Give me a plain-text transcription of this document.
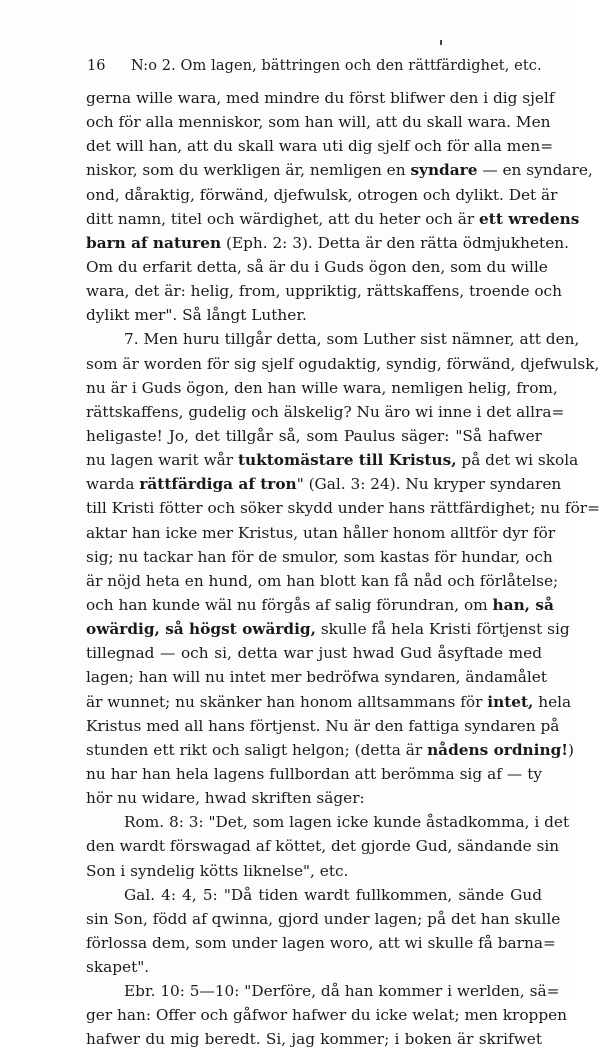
16 N:o 2. Om lagen, bättringen och den rättfärdighet, etc.
gerna wille wara, med mindre du först blifwer den i dig sjelf
och för alla menniskor, som han will, att du skall wara. Men
det will han, att du skall wara uti dig sjelf och för alla men=
niskor, som du werkligen är, nemligen en syndare — en syndare,
ond, dåraktig, förwänd, djefwulsk, otrogen och dylikt. Det är
ditt namn, titel och wärdighet, att du heter och är ett wredens
barn af naturen (Eph. 2: 3). Detta är den rätta ödmjukheten.
Om du erfarit detta, så är du i Guds ögon den, som du wille
wara, det är: helig, from, uppriktig, rättskaffens, troende och
dylikt mer". Så långt Luther.
7. Men huru tillgår detta, som Luther sist nämner, att den,
som är worden för sig sjelf ogudaktig, syndig, förwänd, djefwulsk,
nu är i Guds ögon, den han wille wara, nemligen helig, from,
rättskaffens, gudelig och älskelig? Nu äro wi inne i det allra=
heligaste! Jo, det tillgår så, som Paulus säger: "Så hafwer
nu lagen warit wår tuktomästare till Kristus, på det wi skola
warda rättfärdiga af tron" (Gal. 3: 24). Nu kryper syndaren
till Kristi fötter och söker skydd under hans rättfärdighet; nu för=
aktar han icke mer Kristus, utan håller honom alltför dyr för
sig; nu tackar han för de smulor, som kastas för hundar, och
är nöjd heta en hund, om han blott kan få nåd och förlåtelse;
och han kunde wäl nu förgås af salig förundran, om han, så
owärdig, så högst owärdig, skulle få hela Kristi förtjenst sig
tillegnad — och si, detta war just hwad Gud åsyftade med
lagen; han will nu intet mer bedröfwa syndaren, ändamålet
är wunnet; nu skänker han honom alltsammans för intet, hela
Kristus med all hans förtjenst. Nu är den fattiga syndaren på
stunden ett rikt och saligt helgon; (detta är nådens ordning!)
nu har han hela lagens fullbordan att berömma sig af — ty
hör nu widare, hwad skriften säger:
Rom. 8: 3: "Det, som lagen icke kunde åstadkomma, i det
den wardt förswagad af köttet, det gjorde Gud, sändande sin
Son i syndelig kötts liknelse", etc.
Gal. 4: 4, 5: "Då tiden wardt fullkommen, sände Gud
sin Son, född af qwinna, gjord under lagen; på det han skulle
förlossa dem, som under lagen woro, att wi skulle få barna=
skapet".
Ebr. 10: 5—10: "Derföre, då han kommer i werlden, sä=
ger han: Offer och gåfwor hafwer du icke welat; men kroppen
hafwer du mig beredt. Si, jag kommer; i boken är skrifwet
